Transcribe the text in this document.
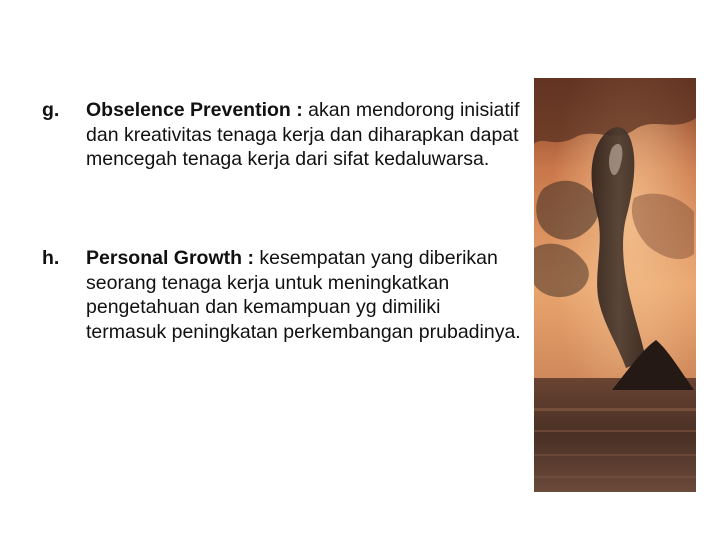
g. Obselence Prevention : akan mendorong inisiatif dan kreativitas tenaga kerja dan diharapkan dapat mencegah tenaga kerja dari sifat kedaluwarsa.
h. Personal Growth : kesempatan yang diberikan seorang tenaga kerja untuk meningkatkan pengetahuan dan kemampuan yg dimiliki termasuk peningkatan perkembangan prubadinya.
